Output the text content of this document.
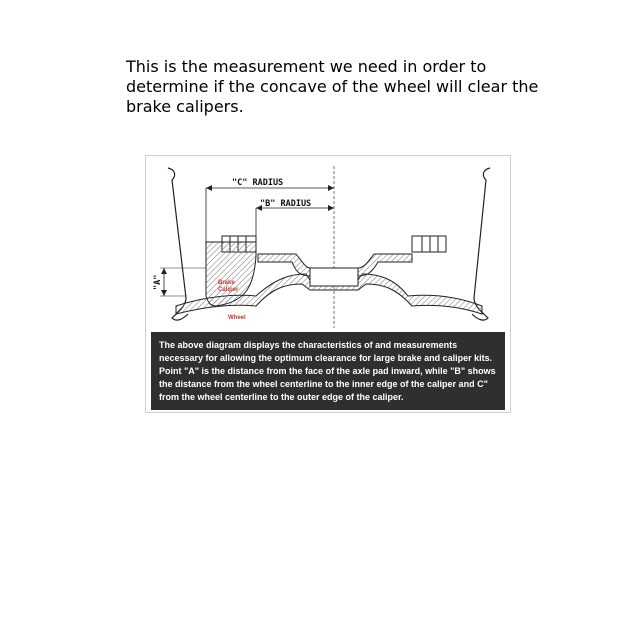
This is the measurement we need in order to determine if the concave of the wheel will clear the brake calipers.
"C" RADIUS
"B" RADIUS
"A"	Brake
Caliper
Wheel
The above diagram displays the characteristics of and measurements necessary for allowing the optimum clearance for large brake and caliper kits. Point "A" is the distance from the face of the axle pad inward, while "B" shows the distance from the wheel centerline to the inner edge of the caliper and C" from the wheel centerline to the outer edge of the caliper.
